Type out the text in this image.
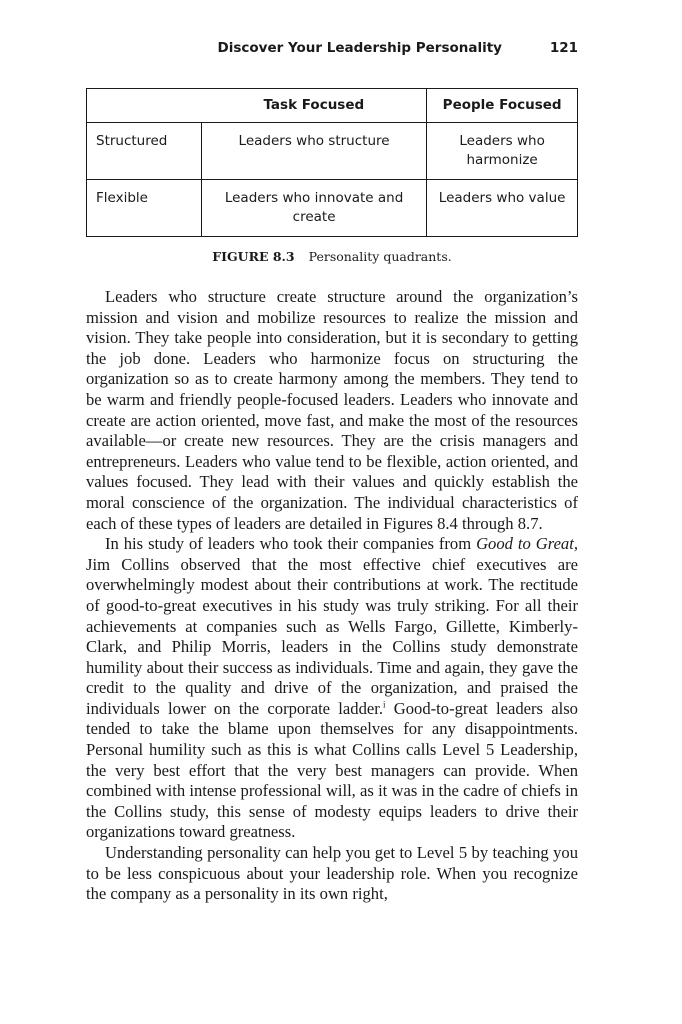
Discover Your Leadership Personality	121
	Task Focused	People Focused
Structured	Leaders who structure	Leaders who harmonize
Flexible	Leaders who innovate and create	Leaders who value
FIGURE 8.3 Personality quadrants.

Leaders who structure create structure around the organization’s mission and vision and mobilize resources to realize the mission and vision. They take people into consideration, but it is secondary to getting the job done. Leaders who harmonize focus on structuring the organization so as to create harmony among the members. They tend to be warm and friendly people-focused leaders. Leaders who innovate and create are action oriented, move fast, and make the most of the resources available—or create new resources. They are the crisis managers and entrepreneurs. Leaders who value tend to be flexible, action oriented, and values focused. They lead with their values and quickly establish the moral conscience of the organization. The individual characteristics of each of these types of leaders are detailed in Figures 8.4 through 8.7.

In his study of leaders who took their companies from Good to Great, Jim Collins observed that the most effective chief executives are overwhelmingly modest about their contributions at work. The rectitude of good-to-great executives in his study was truly striking. For all their achievements at companies such as Wells Fargo, Gillette, Kimberly-Clark, and Philip Morris, leaders in the Collins study demonstrate humility about their success as individuals. Time and again, they gave the credit to the quality and drive of the organization, and praised the individuals lower on the corporate ladder.$^i$ Good-to-great leaders also tended to take the blame upon themselves for any disappointments. Personal humility such as this is what Collins calls Level 5 Leadership, the very best effort that the very best managers can provide. When combined with intense professional will, as it was in the cadre of chiefs in the Collins study, this sense of modesty equips leaders to drive their organizations toward greatness.

Understanding personality can help you get to Level 5 by teaching you to be less conspicuous about your leadership role. When you recognize the company as a personality in its own right,
